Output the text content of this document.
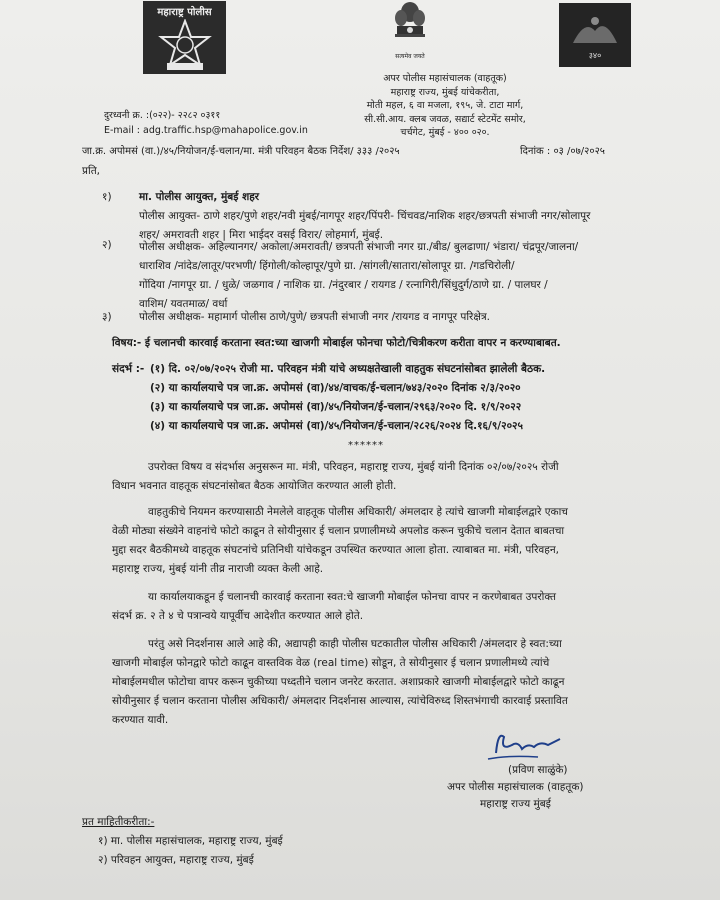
महाराष्ट्र पोलीस
सत्यमेव जयते	३४०
अपर पोलीस महासंचालक (वाहतूक)
महाराष्ट्र राज्य, मुंबई यांचेकरीता,
मोती महल, ६ वा मजला, १९५, जे. टाटा मार्ग,
सी.सी.आय. क्लब जवळ, सद्यार्ट स्टेटमेंट समोर,
चर्चगेट, मुंबई - ४०० ०२०.
दुरध्वनी क्र. :(०२२)- २२८२ ०३११
E-mail : adg.traffic.hsp@mahapolice.gov.in
जा.क्र. अपोमसं (वा.)/४५/नियोजन/ई-चलान/मा. मंत्री परिवहन बैठक निर्देश/ ३३३ /२०२५	दिनांक : ०३ /०७/२०२५
प्रति,
१)	मा. पोलीस आयुक्त, मुंबई शहर
पोलीस आयुक्त- ठाणे शहर/पुणे शहर/नवी मुंबई/नागपूर शहर/पिंपरी- चिंचवड/नाशिक शहर/छत्रपती संभाजी नगर/सोलापूर
शहर/ अमरावती शहर | मिरा भाईदर वसई विरार/ लोहमार्ग, मुंबई.
२)	पोलीस अधीक्षक- अहिल्यानगर/ अकोला/अमरावती/ छत्रपती संभाजी नगर ग्रा./बीड/ बुलढाणा/ भंडारा/ चंद्रपूर/जालना/
धाराशिव /नांदेड/लातूर/परभणी/ हिंगोली/कोल्हापूर/पुणे ग्रा. /सांगली/सातारा/सोलापूर ग्रा. /गडचिरोली/
गोंदिया /नागपूर ग्रा. / धुळे/ जळगाव / नाशिक ग्रा. /नंदुरबार / रायगड / रत्नागिरी/सिंधुदुर्ग/ठाणे ग्रा. / पालघर /
वाशिम/ यवतमाळ/ वर्धा
३)	पोलीस अधीक्षक- महामार्ग पोलीस ठाणे/पुणे/ छत्रपती संभाजी नगर /रायगड व नागपूर परिक्षेत्र.
विषय:- ई चलानची कारवाई करताना स्वत:च्या खाजगी मोबाईल फोनचा फोटो/चित्रीकरण करीता वापर न करण्याबाबत.
संदर्भ :- (१) दि. ०२/०७/२०२५ रोजी मा. परिवहन मंत्री यांचे अध्यक्षतेखाली वाहतुक संघटनांसोबत झालेली बैठक.
(२) या कार्यालयाचे पत्र जा.क्र. अपोमसं (वा)/४४/वाचक/ई-चलान/७४३/२०२० दिनांक २/३/२०२०
(३) या कार्यालयाचे पत्र जा.क्र. अपोमसं (वा)/४५/नियोजन/ई-चलान/२९६३/२०२० दि. १/९/२०२२
(४) या कार्यालयाचे पत्र जा.क्र. अपोमसं (वा)/४५/नियोजन/ई-चलान/२८२६/२०२४ दि.१६/९/२०२५
******
उपरोक्त विषय व संदर्भास अनुसरून मा. मंत्री, परिवहन, महाराष्ट्र राज्य, मुंबई यांनी दिनांक ०२/०७/२०२५ रोजी
विधान भवनात वाहतूक संघटनांसोबत बैठक आयोजित करण्यात आली होती.
वाहतुकीचे नियमन करण्यासाठी नेमलेले वाहतूक पोलीस अधिकारी/ अंमलदार हे त्यांचे खाजगी मोबाईलद्वारे एकाच
वेळी मोठ्या संख्येने वाहनांचे फोटो काढून ते सोयीनुसार ई चलान प्रणालीमध्ये अपलोड करून चुकीचे चलान देतात बाबतचा
मुद्दा सदर बैठकीमध्ये वाहतूक संघटनांचे प्रतिनिधी यांचेकडून उपस्थित करण्यात आला होता. त्याबाबत मा. मंत्री, परिवहन,
महाराष्ट्र राज्य, मुंबई यांनी तीव्र नाराजी व्यक्त केली आहे.
या कार्यालयाकडून ई चलानची कारवाई करताना स्वत:चे खाजगी मोबाईल फोनचा वापर न करणेबाबत उपरोक्त
संदर्भ क्र. २ ते ४ चे पत्रान्वये यापूर्वीच आदेशीत करण्यात आले होते.
परंतु असे निदर्शनास आले आहे की, अद्यापही काही पोलीस घटकातील पोलीस अधिकारी /अंमलदार हे स्वत:च्या
खाजगी मोबाईल फोनद्वारे फोटो काढून वास्तविक वेळ (real time) सोडून, ते सोयीनुसार ई चलान प्रणालीमध्ये त्यांचे
मोबाईलमधील फोटोचा वापर करून चुकीच्या पध्दतीने चलान जनरेट करतात. अशाप्रकारे खाजगी मोबाईलद्वारे फोटो काढून
सोयीनुसार ई चलान करताना पोलीस अधिकारी/ अंमलदार निदर्शनास आल्यास, त्यांचेविरुध्द शिस्तभंगाची कारवाई प्रस्तावित
करण्यात यावी.
(प्रविण साळुंके)
अपर पोलीस महासंचालक (वाहतूक)
महाराष्ट्र राज्य मुंबई
प्रत माहितीकरीता:-
१) मा. पोलीस महासंचालक, महाराष्ट्र राज्य, मुंबई
२) परिवहन आयुक्त, महाराष्ट्र राज्य, मुंबई
